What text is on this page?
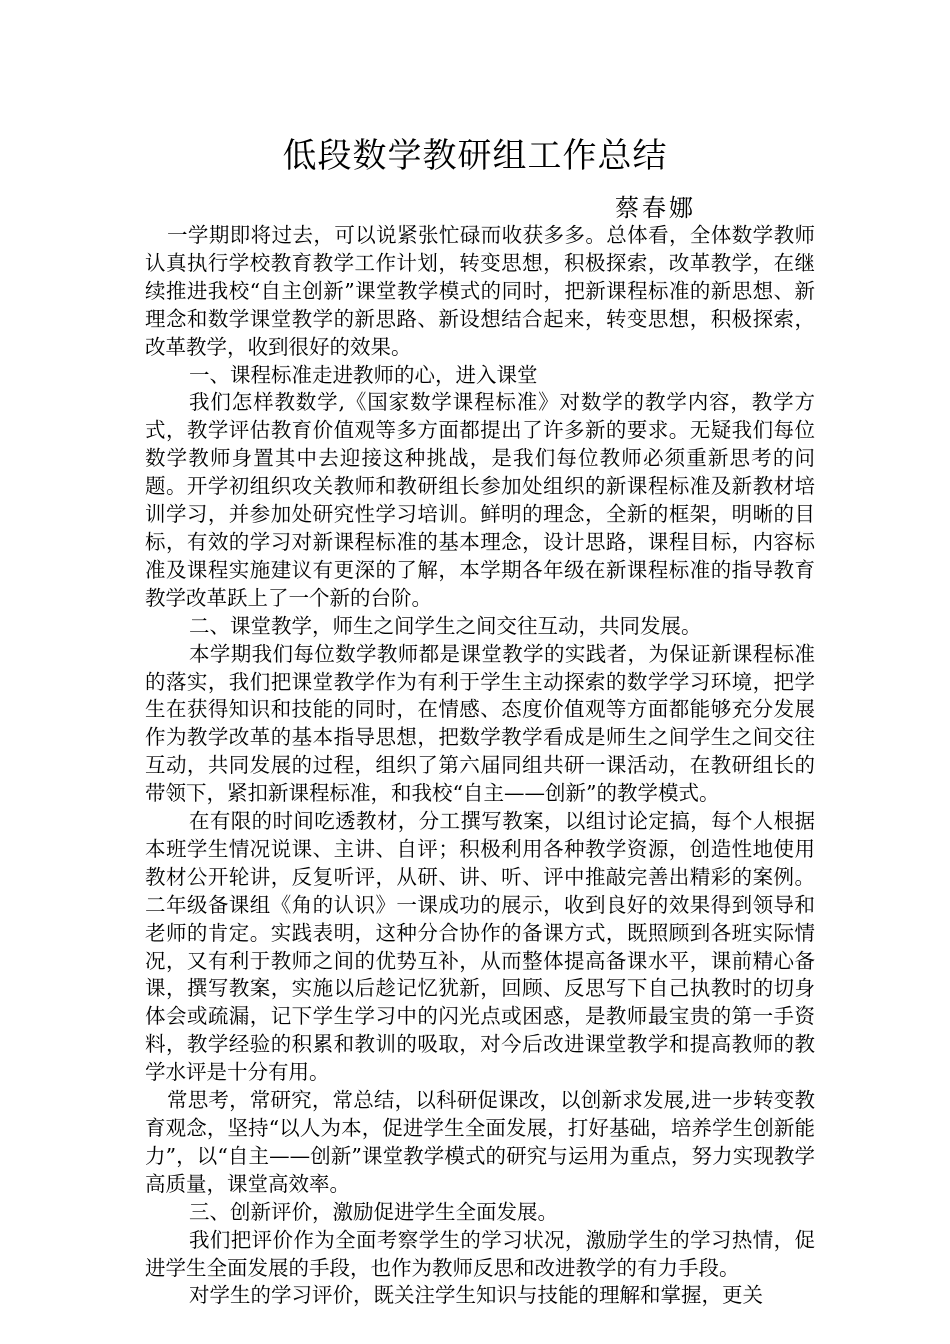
低段数学教研组工作总结
蔡春娜

一学期即将过去，可以说紧张忙碌而收获多多。总体看，全体数学教师认真执行学校教育教学工作计划，转变思想，积极探索，改革教学，在继续推进我校“自主创新”课堂教学模式的同时，把新课程标准的新思想、新理念和数学课堂教学的新思路、新设想结合起来，转变思想，积极探索，改革教学，收到很好的效果。

一、课程标准走进教师的心，进入课堂

我们怎样教数学,《国家数学课程标准》对数学的教学内容，教学方式，教学评估教育价值观等多方面都提出了许多新的要求。无疑我们每位数学教师身置其中去迎接这种挑战，是我们每位教师必须重新思考的问题。开学初组织攻关教师和教研组长参加处组织的新课程标准及新教材培训学习，并参加处研究性学习培训。鲜明的理念，全新的框架，明晰的目标，有效的学习对新课程标准的基本理念，设计思路，课程目标，内容标准及课程实施建议有更深的了解，本学期各年级在新课程标准的指导教育教学改革跃上了一个新的台阶。

二、课堂教学，师生之间学生之间交往互动，共同发展。

本学期我们每位数学教师都是课堂教学的实践者，为保证新课程标准的落实，我们把课堂教学作为有利于学生主动探索的数学学习环境，把学生在获得知识和技能的同时，在情感、态度价值观等方面都能够充分发展作为教学改革的基本指导思想，把数学教学看成是师生之间学生之间交往互动，共同发展的过程，组织了第六届同组共研一课活动，在教研组长的带领下，紧扣新课程标准，和我校“自主——创新”的教学模式。

在有限的时间吃透教材，分工撰写教案，以组讨论定搞，每个人根据本班学生情况说课、主讲、自评；积极利用各种教学资源，创造性地使用教材公开轮讲，反复听评，从研、讲、听、评中推敲完善出精彩的案例。二年级备课组《角的认识》一课成功的展示，收到良好的效果得到领导和老师的肯定。实践表明，这种分合协作的备课方式，既照顾到各班实际情况，又有利于教师之间的优势互补，从而整体提高备课水平，课前精心备课，撰写教案，实施以后趁记忆犹新，回顾、反思写下自己执教时的切身体会或疏漏，记下学生学习中的闪光点或困惑，是教师最宝贵的第一手资料，教学经验的积累和教训的吸取，对今后改进课堂教学和提高教师的教学水评是十分有用。

常思考，常研究，常总结，以科研促课改，以创新求发展,进一步转变教育观念，坚持“以人为本，促进学生全面发展，打好基础，培养学生创新能力”，以“自主——创新”课堂教学模式的研究与运用为重点，努力实现教学高质量，课堂高效率。

三、创新评价，激励促进学生全面发展。

我们把评价作为全面考察学生的学习状况，激励学生的学习热情，促进学生全面发展的手段，也作为教师反思和改进教学的有力手段。

对学生的学习评价，既关注学生知识与技能的理解和掌握，更关
